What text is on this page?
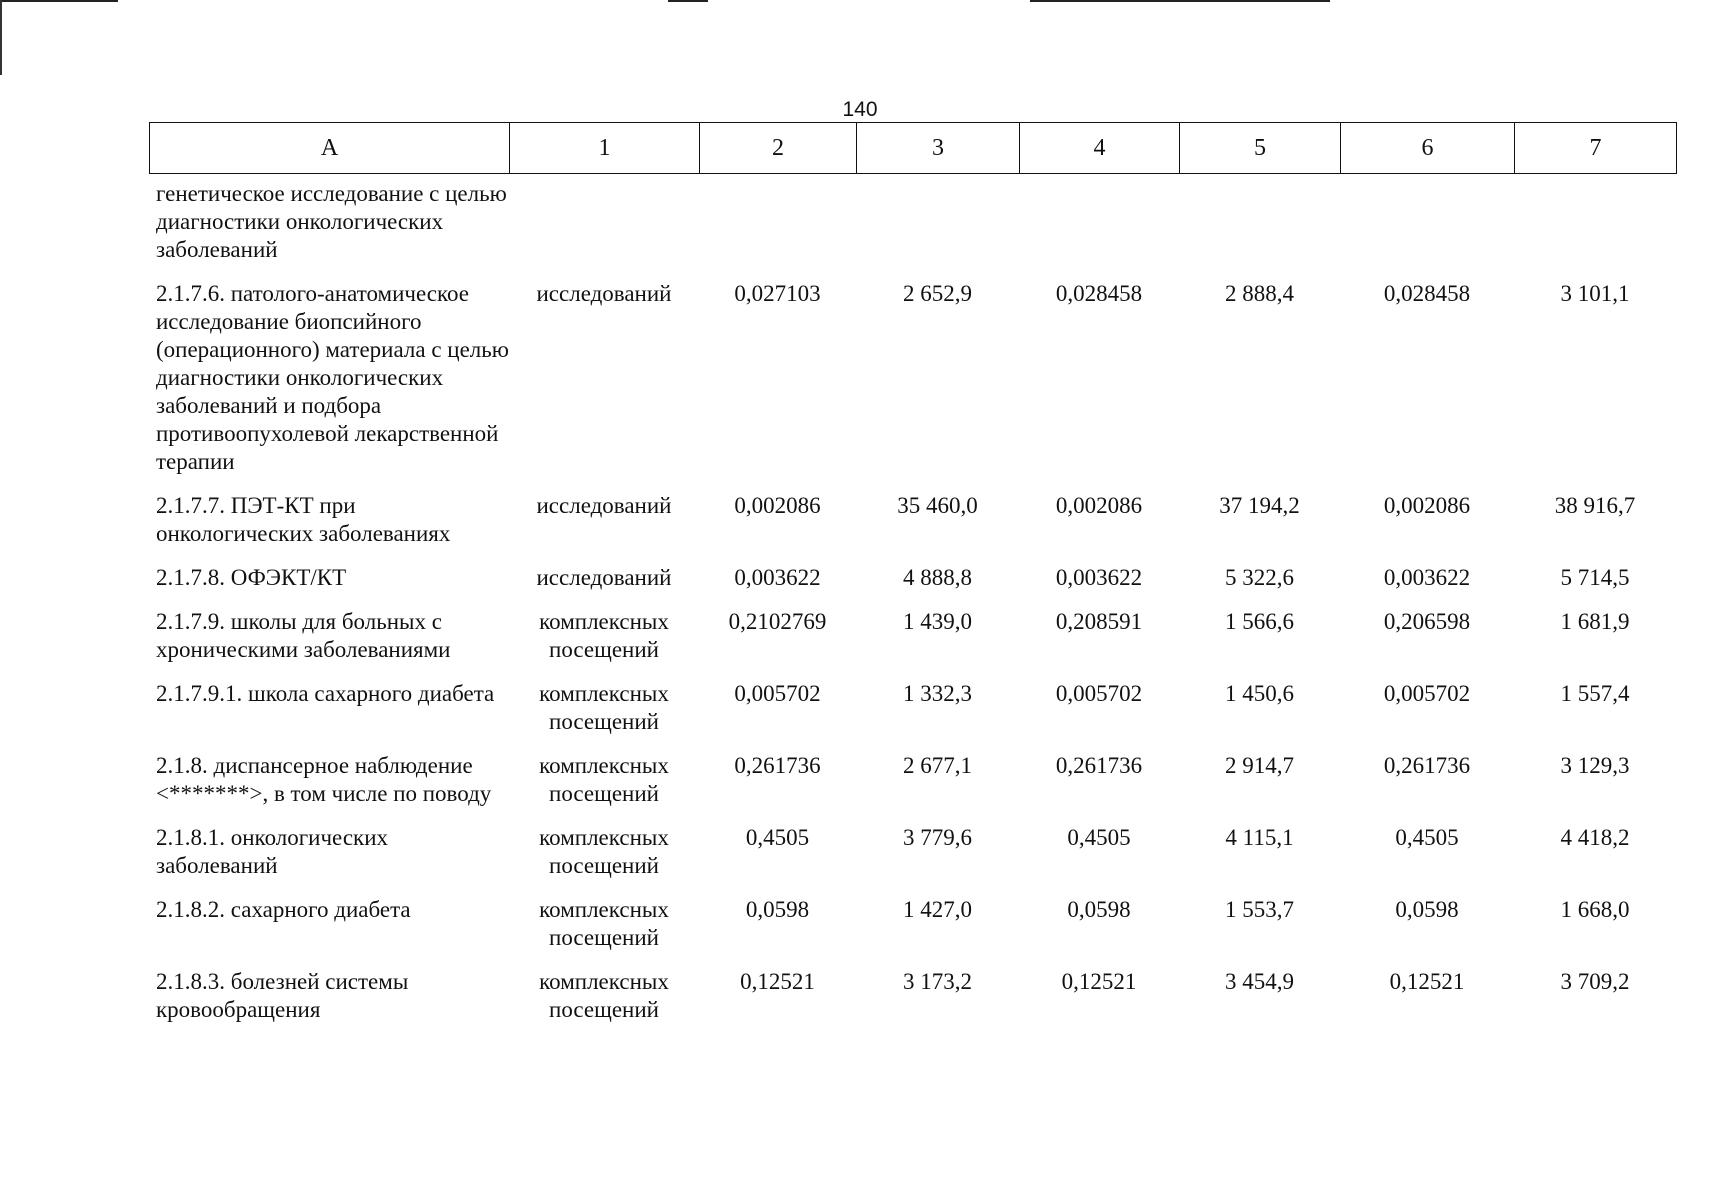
140
А	1	2	3	4	5	6	7
генетическое исследование с целью диагностики онкологических заболеваний							
2.1.7.6. патолого-анатомическое исследование биопсийного (операционного) материала с целью диагностики онкологических заболеваний и подбора противоопухолевой лекарственной терапии	исследований	0,027103	2 652,9	0,028458	2 888,4	0,028458	3 101,1
2.1.7.7. ПЭТ-КТ при онкологических заболеваниях	исследований	0,002086	35 460,0	0,002086	37 194,2	0,002086	38 916,7
2.1.7.8. ОФЭКТ/КТ	исследований	0,003622	4 888,8	0,003622	5 322,6	0,003622	5 714,5
2.1.7.9. школы для больных с хроническими заболеваниями	комплексных посещений	0,2102769	1 439,0	0,208591	1 566,6	0,206598	1 681,9
2.1.7.9.1. школа сахарного диабета	комплексных посещений	0,005702	1 332,3	0,005702	1 450,6	0,005702	1 557,4
2.1.8. диспансерное наблюдение <*******>, в том числе по поводу	комплексных посещений	0,261736	2 677,1	0,261736	2 914,7	0,261736	3 129,3
2.1.8.1. онкологических заболеваний	комплексных посещений	0,4505	3 779,6	0,4505	4 115,1	0,4505	4 418,2
2.1.8.2. сахарного диабета	комплексных посещений	0,0598	1 427,0	0,0598	1 553,7	0,0598	1 668,0
2.1.8.3. болезней системы кровообращения	комплексных посещений	0,12521	3 173,2	0,12521	3 454,9	0,12521	3 709,2
